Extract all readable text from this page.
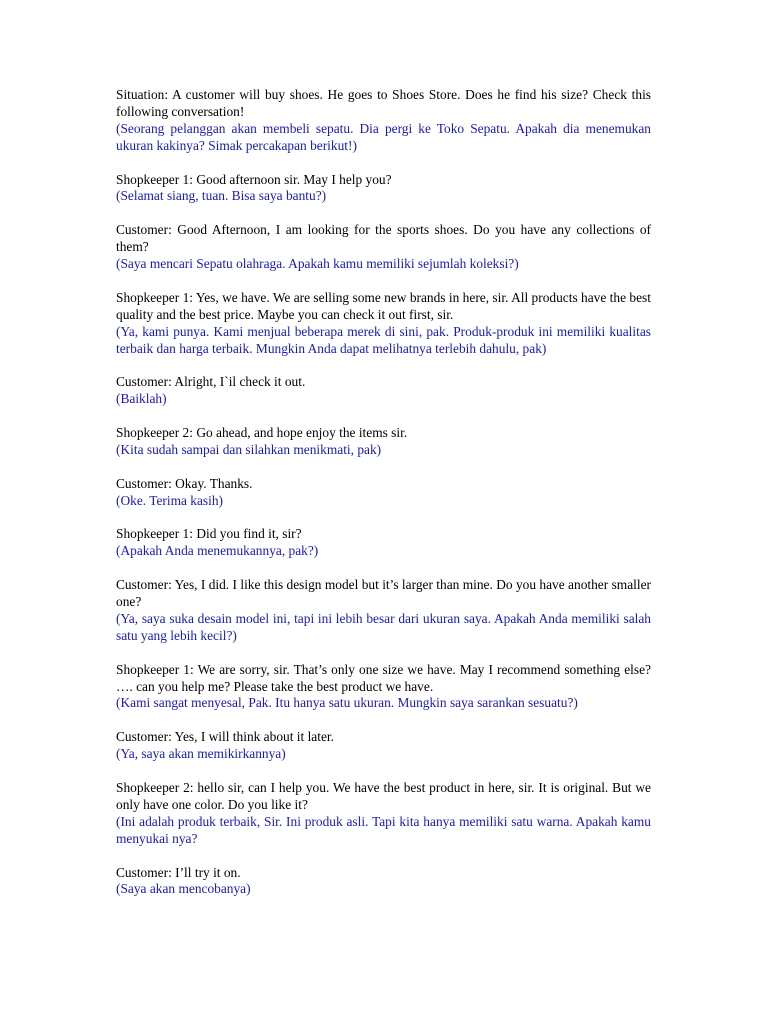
Situation: A customer will buy shoes. He goes to Shoes Store. Does he find his size? Check this following conversation!
(Seorang pelanggan akan membeli sepatu. Dia pergi ke Toko Sepatu. Apakah dia menemukan ukuran kakinya? Simak percakapan berikut!)
Shopkeeper 1: Good afternoon sir. May I help you?
(Selamat siang, tuan. Bisa saya bantu?)
Customer: Good Afternoon, I am looking for the sports shoes. Do you have any collections of them?
(Saya mencari Sepatu olahraga. Apakah kamu memiliki sejumlah koleksi?)
Shopkeeper 1: Yes, we have. We are selling some new brands in here, sir. All products have the best quality and the best price. Maybe you can check it out first, sir.
(Ya, kami punya. Kami menjual beberapa merek di sini, pak. Produk-produk ini memiliki kualitas terbaik dan harga terbaik. Mungkin Anda dapat melihatnya terlebih dahulu, pak)
Customer: Alright, I`il check it out.
(Baiklah)
Shopkeeper 2: Go ahead, and hope enjoy the items sir.
(Kita sudah sampai dan silahkan menikmati, pak)
Customer: Okay. Thanks.
(Oke. Terima kasih)
Shopkeeper 1: Did you find it, sir?
(Apakah Anda menemukannya, pak?)
Customer: Yes, I did. I like this design model but it’s larger than mine. Do you have another smaller one?
(Ya, saya suka desain model ini, tapi ini lebih besar dari ukuran saya. Apakah Anda memiliki salah satu yang lebih kecil?)
Shopkeeper 1: We are sorry, sir. That’s only one size we have. May I recommend something else? …. can you help me? Please take the best product we have.
(Kami sangat menyesal, Pak. Itu hanya satu ukuran. Mungkin saya sarankan sesuatu?)
Customer: Yes, I will think about it later.
(Ya, saya akan memikirkannya)
Shopkeeper 2: hello sir, can I help you. We have the best product in here, sir. It is original. But we only have one color. Do you like it?
(Ini adalah produk terbaik, Sir. Ini produk asli. Tapi kita hanya memiliki satu warna. Apakah kamu menyukai nya?
Customer: I’ll try it on.
(Saya akan mencobanya)
